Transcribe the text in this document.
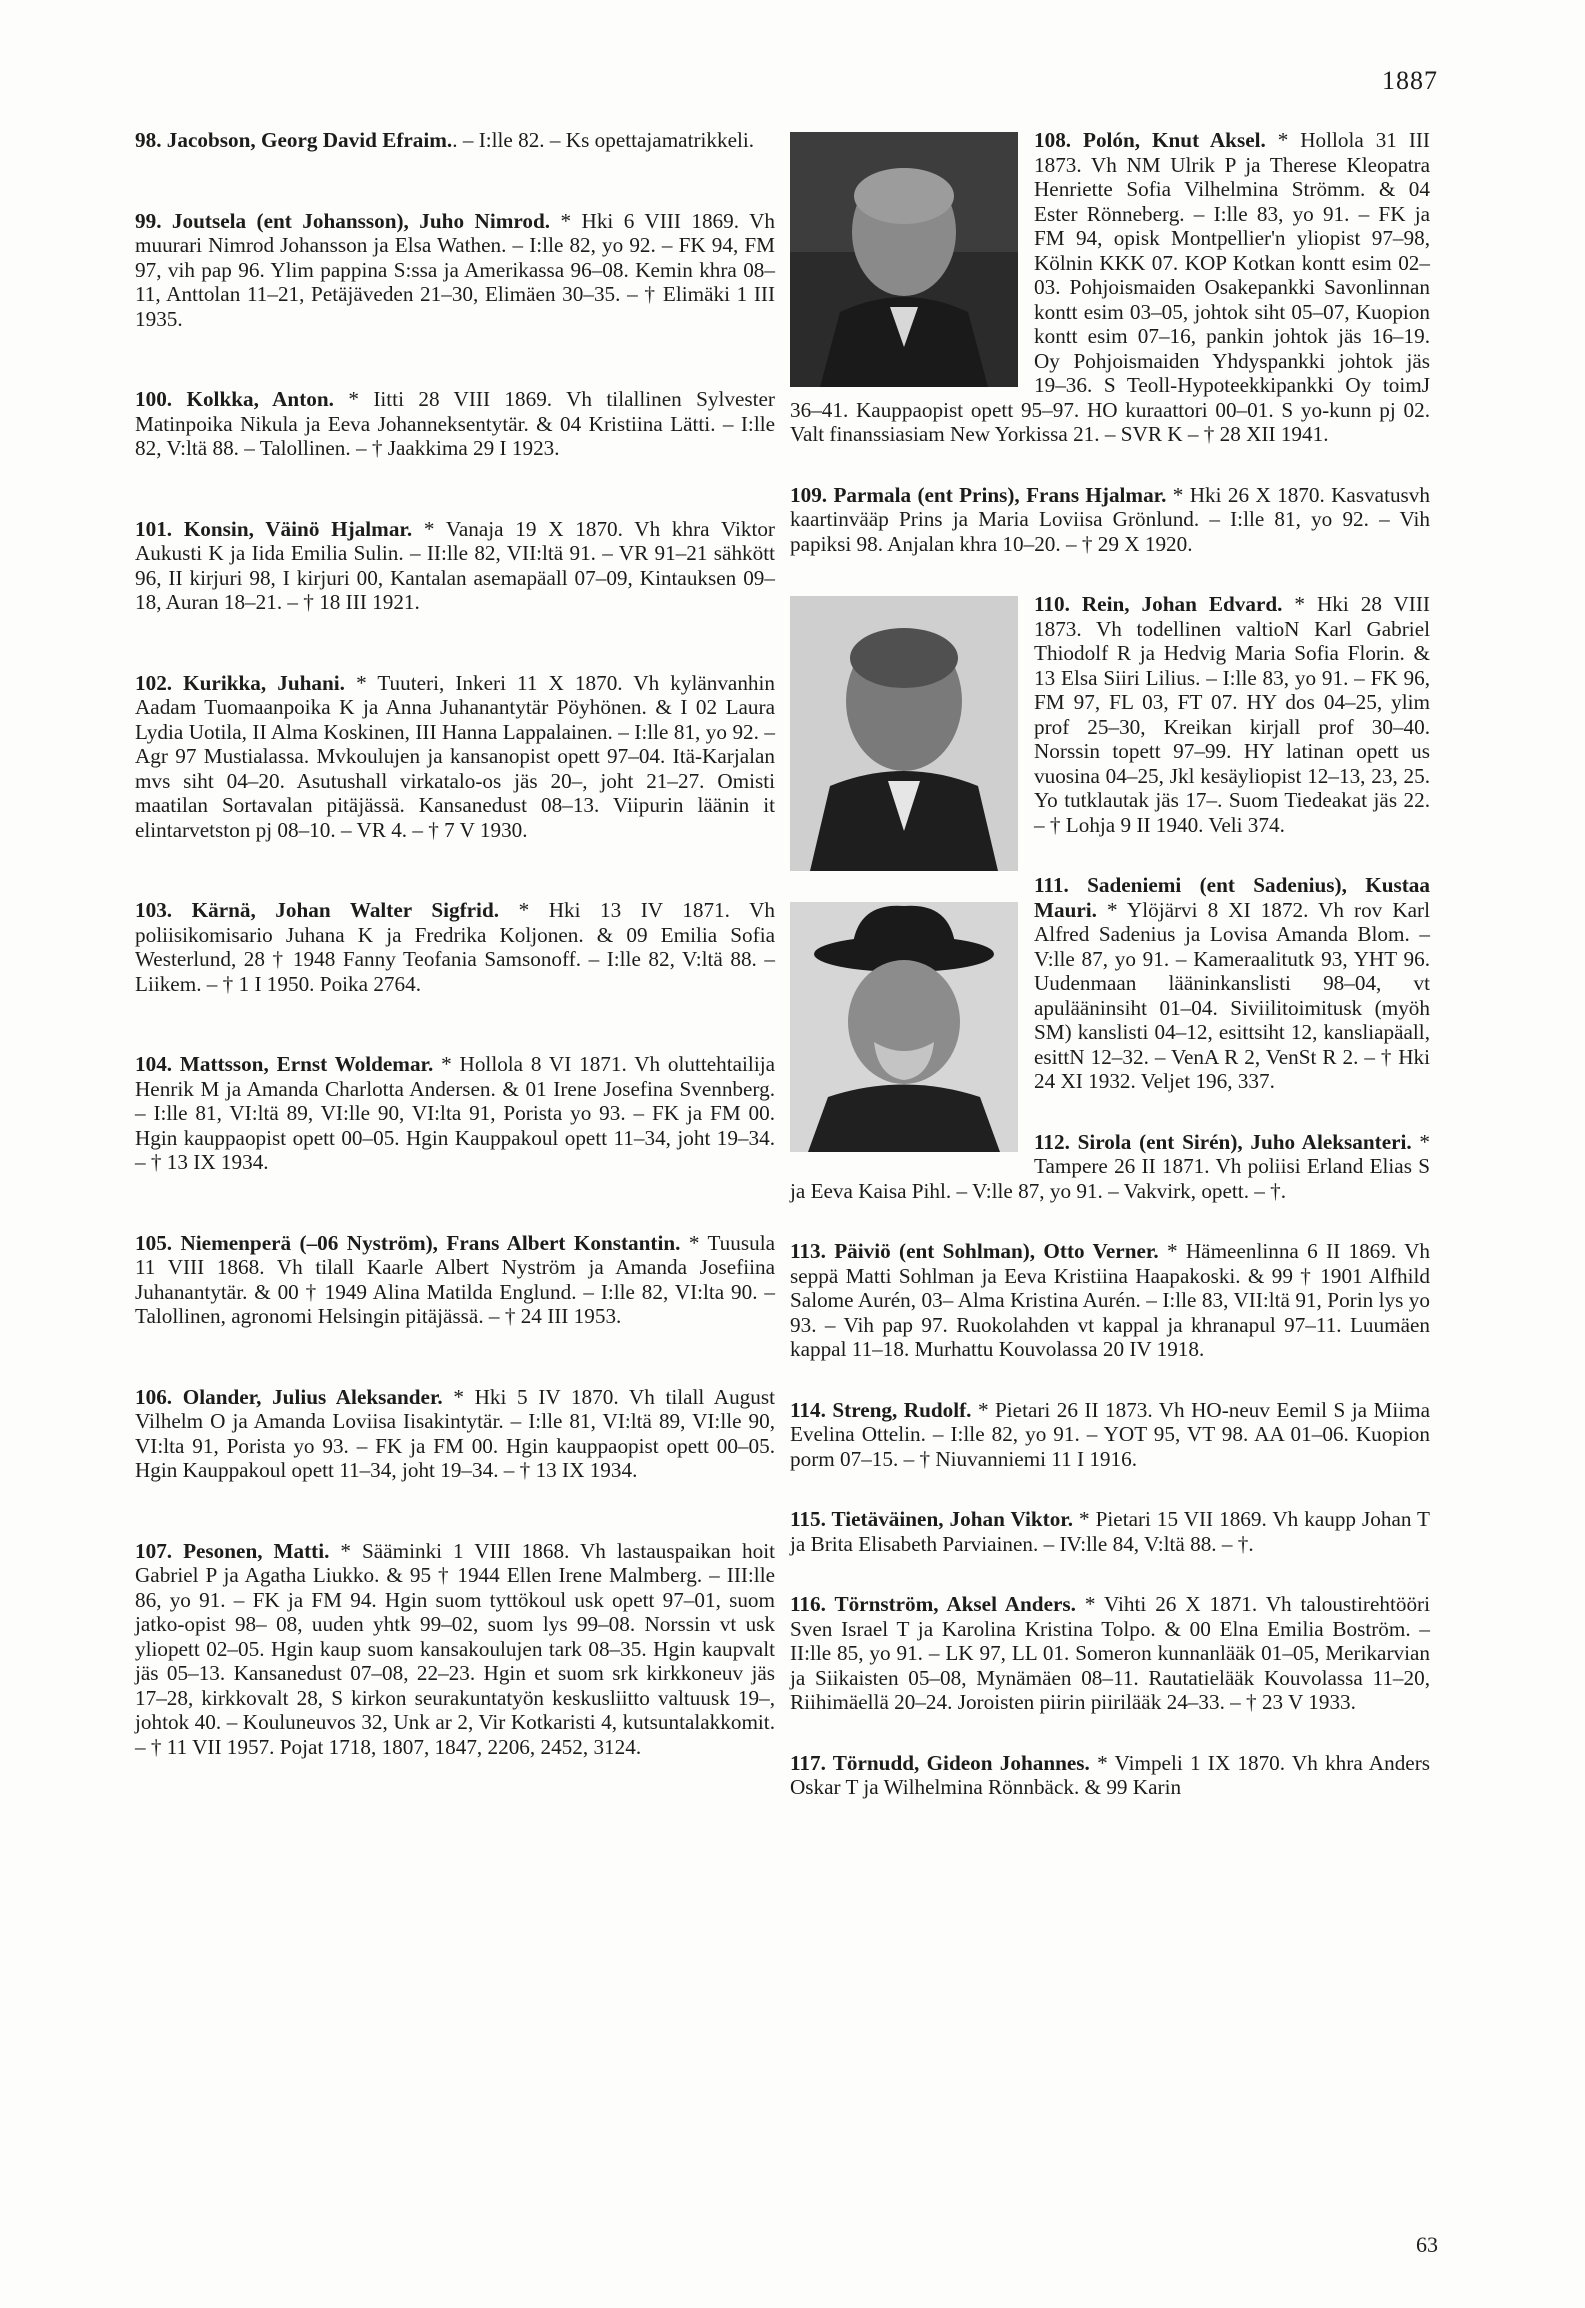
1887

98. Jacobson, Georg David Efraim.. – I:lle 82. – Ks opettajamatrikkeli.

99. Joutsela (ent Johansson), Juho Nimrod. * Hki 6 VIII 1869. Vh muurari Nimrod Johansson ja Elsa Wathen. – I:lle 82, yo 92. – FK 94, FM 97, vih pap 96. Ylim pappina S:ssa ja Amerikassa 96–08. Kemin khra 08–11, Anttolan 11–21, Petäjäveden 21–30, Elimäen 30–35. – † Elimäki 1 III 1935.

100. Kolkka, Anton. * Iitti 28 VIII 1869. Vh tilallinen Sylvester Matinpoika Nikula ja Eeva Johanneksentytär. & 04 Kristiina Lätti. – I:lle 82, V:ltä 88. – Talollinen. – † Jaakkima 29 I 1923.

101. Konsin, Väinö Hjalmar. * Vanaja 19 X 1870. Vh khra Viktor Aukusti K ja Iida Emilia Sulin. – II:lle 82, VII:ltä 91. – VR 91–21 sähkött 96, II kirjuri 98, I kirjuri 00, Kantalan asemapäall 07–09, Kintauksen 09–18, Auran 18–21. – † 18 III 1921.

102. Kurikka, Juhani. * Tuuteri, Inkeri 11 X 1870. Vh kylänvanhin Aadam Tuomaanpoika K ja Anna Juhanantytär Pöyhönen. & I 02 Laura Lydia Uotila, II Alma Koskinen, III Hanna Lappalainen. – I:lle 81, yo 92. – Agr 97 Mustialassa. Mvkoulujen ja kansanopist opett 97–04. Itä-Karjalan mvs siht 04–20. Asutushall virkatalo-os jäs 20–, joht 21–27. Omisti maatilan Sortavalan pitäjässä. Kansanedust 08–13. Viipurin läänin it elintarvetston pj 08–10. – VR 4. – † 7 V 1930.

103. Kärnä, Johan Walter Sigfrid. * Hki 13 IV 1871. Vh poliisikomisario Juhana K ja Fredrika Koljonen. & 09 Emilia Sofia Westerlund, 28 † 1948 Fanny Teofania Samsonoff. – I:lle 82, V:ltä 88. – Liikem. – † 1 I 1950. Poika 2764.

104. Mattsson, Ernst Woldemar. * Hollola 8 VI 1871. Vh oluttehtailija Henrik M ja Amanda Charlotta Andersen. & 01 Irene Josefina Svennberg. – I:lle 81, VI:ltä 89, VI:lle 90, VI:lta 91, Porista yo 93. – FK ja FM 00. Hgin kauppaopist opett 00–05. Hgin Kauppakoul opett 11–34, joht 19–34. – † 13 IX 1934.

105. Niemenperä (–06 Nyström), Frans Albert Konstantin. * Tuusula 11 VIII 1868. Vh tilall Kaarle Albert Nyström ja Amanda Josefiina Juhanantytär. & 00 † 1949 Alina Matilda Englund. – I:lle 82, VI:lta 90. – Talollinen, agronomi Helsingin pitäjässä. – † 24 III 1953.

106. Olander, Julius Aleksander. * Hki 5 IV 1870. Vh tilall August Vilhelm O ja Amanda Loviisa Iisakintytär. – I:lle 81, VI:ltä 89, VI:lle 90, VI:lta 91, Porista yo 93. – FK ja FM 00. Hgin kauppaopist opett 00–05. Hgin Kauppakoul opett 11–34, joht 19–34. – † 13 IX 1934.

107. Pesonen, Matti. * Sääminki 1 VIII 1868. Vh lastauspaikan hoit Gabriel P ja Agatha Liukko. & 95 † 1944 Ellen Irene Malmberg. – III:lle 86, yo 91. – FK ja FM 94. Hgin suom tyttökoul usk opett 97–01, suom jatko-opist 98– 08, uuden yhtk 99–02, suom lys 99–08. Norssin vt usk yliopett 02–05. Hgin kaup suom kansakoulujen tark 08–35. Hgin kaupvalt jäs 05–13. Kansanedust 07–08, 22–23. Hgin et suom srk kirkkoneuv jäs 17–28, kirkkovalt 28, S kirkon seurakuntatyön keskusliitto valtuusk 19–, johtok 40. – Kouluneuvos 32, Unk ar 2, Vir Kotkaristi 4, kutsuntalakkomit. – † 11 VII 1957. Pojat 1718, 1807, 1847, 2206, 2452, 3124.

108. Polón, Knut Aksel.
* Hollola 31 III 1873. Vh NM Ulrik P ja Therese Kleopatra Henriette Sofia Vilhelmina Strömm. & 04 Ester Rönneberg. – I:lle 83, yo 91. – FK ja FM 94, opisk Montpellier'n yliopist 97–98, Kölnin KKK 07. KOP Kotkan kontt esim 02–03. Pohjoismaiden Osakepankki Savonlinnan kontt esim 03–05, johtok siht 05–07, Kuopion kontt esim 07–16, pankin johtok jäs 16–19. Oy Pohjoismaiden Yhdyspankki johtok jäs 19–36. S Teoll-Hypoteekkipankki Oy toimJ 36–41. Kauppaopist opett 95–97. HO kuraattori 00–01. S yo-kunn pj 02. Valt finanssiasiam New Yorkissa 21. – SVR K – † 28 XII 1941.

109. Parmala (ent Prins), Frans Hjalmar. * Hki 26 X 1870. Kasvatusvh kaartinvääp Prins ja Maria Loviisa Grönlund. – I:lle 81, yo 92. – Vih papiksi 98. Anjalan khra 10–20. – † 29 X 1920.

110. Rein, Johan Edvard.
* Hki 28 VIII 1873. Vh todellinen valtioN Karl Gabriel Thiodolf R ja Hedvig Maria Sofia Florin. & 13 Elsa Siiri Lilius. – I:lle 83, yo 91. – FK 96, FM 97, FL 03, FT 07. HY dos 04–25, ylim prof 25–30, Kreikan kirjall prof 30–40. Norssin topett 97–99. HY latinan opett us vuosina 04–25, Jkl kesäyliopist 12–13, 23, 25. Yo tutklautak jäs 17–. Suom Tiedeakat jäs 22. – † Lohja 9 II 1940. Veli 374.

111. Sadeniemi (ent Sadenius), Kustaa Mauri.
* Ylöjärvi 8 XI 1872. Vh rov Karl Alfred Sadenius ja Lovisa Amanda Blom. – V:lle 87, yo 91. – Kameraalitutk 93, YHT 96. Uudenmaan lääninkanslisti 98–04, vt apulääninsiht 01–04. Siviilitoimitusk (myöh SM) kanslisti 04–12, esittsiht 12, kansliapäall, esittN 12–32. – VenA R 2, VenSt R 2. – † Hki 24 XI 1932. Veljet 196, 337.

112. Sirola (ent Sirén), Juho Aleksanteri. * Tampere 26 II 1871. Vh poliisi Erland Elias S ja Eeva Kaisa Pihl. – V:lle 87, yo 91. – Vakvirk, opett. – †.

113. Päiviö (ent Sohlman), Otto Verner. * Hämeenlinna 6 II 1869. Vh seppä Matti Sohlman ja Eeva Kristiina Haapakoski. & 99 † 1901 Alfhild Salome Aurén, 03– Alma Kristina Aurén. – I:lle 83, VII:ltä 91, Porin lys yo 93. – Vih pap 97. Ruokolahden vt kappal ja khranapul 97–11. Luumäen kappal 11–18. Murhattu Kouvolassa 20 IV 1918.

114. Streng, Rudolf. * Pietari 26 II 1873. Vh HO-neuv Eemil S ja Miima Evelina Ottelin. – I:lle 82, yo 91. – YOT 95, VT 98. AA 01–06. Kuopion porm 07–15. – † Niuvanniemi 11 I 1916.

115. Tietäväinen, Johan Viktor. * Pietari 15 VII 1869. Vh kaupp Johan T ja Brita Elisabeth Parviainen. – IV:lle 84, V:ltä 88. – †.

116. Törnström, Aksel Anders. * Vihti 26 X 1871. Vh taloustirehtööri Sven Israel T ja Karolina Kristina Tolpo. & 00 Elna Emilia Boström. – II:lle 85, yo 91. – LK 97, LL 01. Someron kunnanlääk 01–05, Merikarvian ja Siikaisten 05–08, Mynämäen 08–11. Rautatielääk Kouvolassa 11–20, Riihimäellä 20–24. Joroisten piirin piirilääk 24–33. – † 23 V 1933.

117. Törnudd, Gideon Johannes. * Vimpeli 1 IX 1870. Vh khra Anders Oskar T ja Wilhelmina Rönnbäck. & 99 Karin

63
